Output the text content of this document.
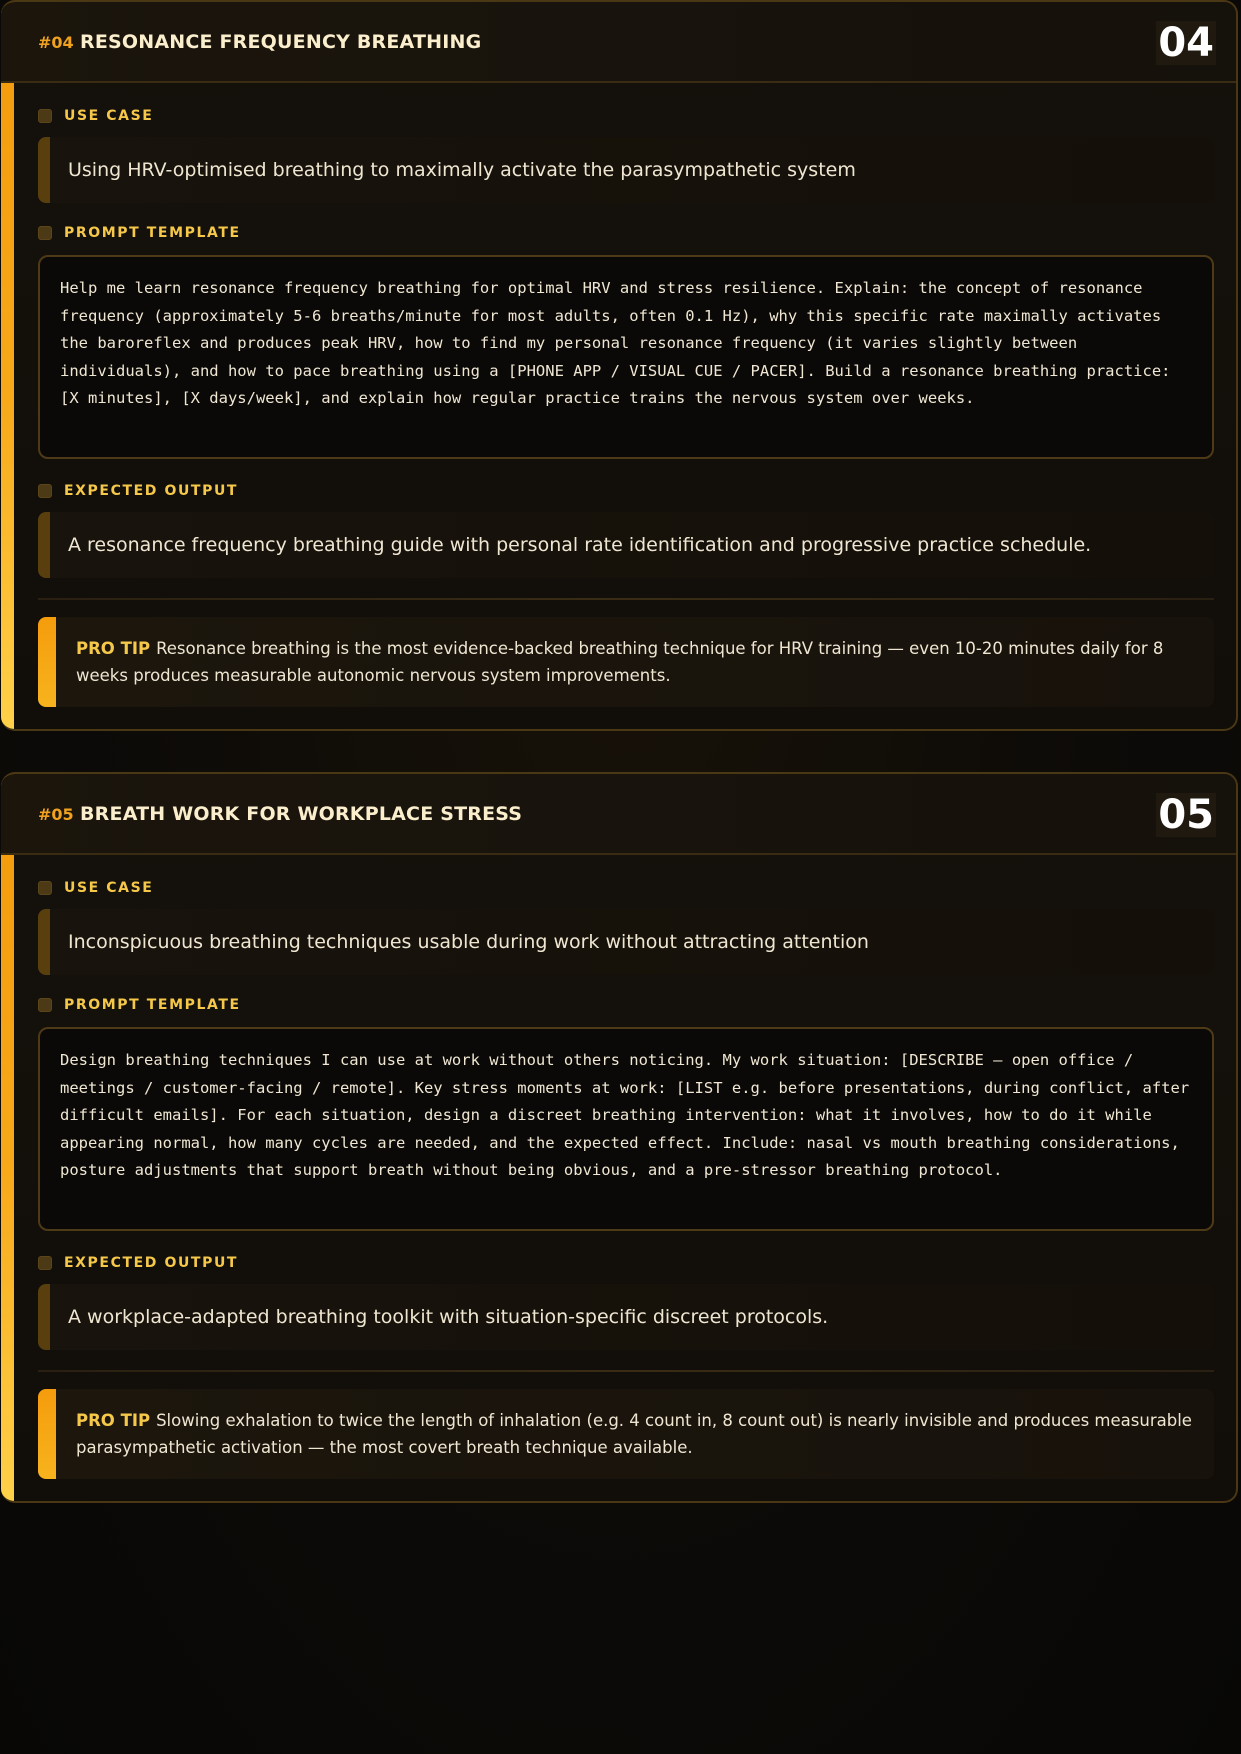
#04 RESONANCE FREQUENCY BREATHING	04
USE CASE
Using HRV-optimised breathing to maximally activate the parasympathetic system
PROMPT TEMPLATE
Help me learn resonance frequency breathing for optimal HRV and stress resilience. Explain: the concept of resonance frequency (approximately 5-6 breaths/minute for most adults, often 0.1 Hz), why this specific rate maximally activates the baroreflex and produces peak HRV, how to find my personal resonance frequency (it varies slightly between individuals), and how to pace breathing using a [PHONE APP / VISUAL CUE / PACER]. Build a resonance breathing practice: [X minutes], [X days/week], and explain how regular practice trains the nervous system over weeks.
EXPECTED OUTPUT
A resonance frequency breathing guide with personal rate identification and progressive practice schedule.
PRO TIP Resonance breathing is the most evidence-backed breathing technique for HRV training — even 10-20 minutes daily for 8 weeks produces measurable autonomic nervous system improvements.
#05 BREATH WORK FOR WORKPLACE STRESS	05
USE CASE
Inconspicuous breathing techniques usable during work without attracting attention
PROMPT TEMPLATE
Design breathing techniques I can use at work without others noticing. My work situation: [DESCRIBE — open office / meetings / customer-facing / remote]. Key stress moments at work: [LIST e.g. before presentations, during conflict, after difficult emails]. For each situation, design a discreet breathing intervention: what it involves, how to do it while appearing normal, how many cycles are needed, and the expected effect. Include: nasal vs mouth breathing considerations, posture adjustments that support breath without being obvious, and a pre-stressor breathing protocol.
EXPECTED OUTPUT
A workplace-adapted breathing toolkit with situation-specific discreet protocols.
PRO TIP Slowing exhalation to twice the length of inhalation (e.g. 4 count in, 8 count out) is nearly invisible and produces measurable parasympathetic activation — the most covert breath technique available.
